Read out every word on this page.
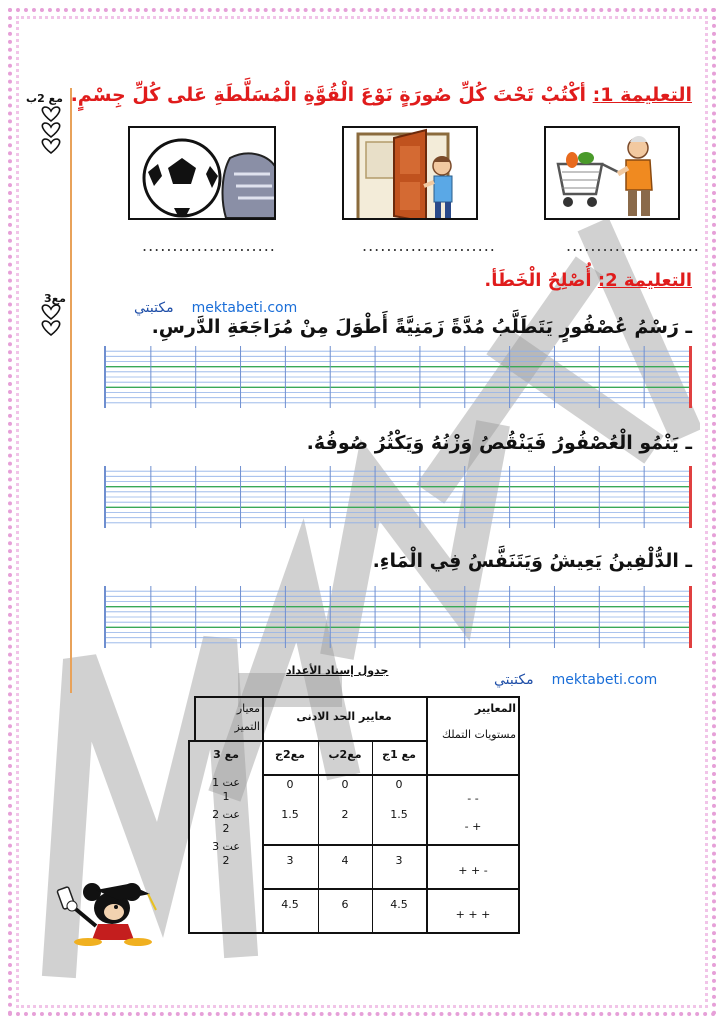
مع 2ب
مع3
التعليمة 1: أكْتُبْ تَحْتَ كُلِّ صُورَةٍ نَوْعَ الْقُوَّةِ الْمُسَلَّطَةِ عَلى كُلِّ جِسْمٍ.
......................	......................	......................
التعليمة 2: أُصْلِحُ الْخَطَأ.
مكتبتي mektabeti.com
ـ رَسْمُ عُصْفُورٍ يَتَطَلَّبُ مُدَّةً زَمَنِيَّةً أَطْوَلَ مِنْ مُرَاجَعَةِ الدَّرسِ.
ـ يَنْمُو الْعُصْفُورُ فَيَنْقُصُ وَزْنُهُ وَيَكْثُرُ صُوفُهُ.
ـ الدُّلْفِينُ يَعِيشُ وَيَتَنَفَّسُ فِي الْمَاءِ.
جدول إسناد الأعداد
مكتبتي mektabeti.com
المعايير
مستويات التملك
معايير الحد الادنى
معيار
التميز
مع 1ج
مع2ب
مع2ج
مع 3
- -
0
0
0
عت 1
1
- +
1.5
2
1.5
عت 2
2
+ + -
3
4
3
عت 3
2
+ + +
4.5
6
4.5
